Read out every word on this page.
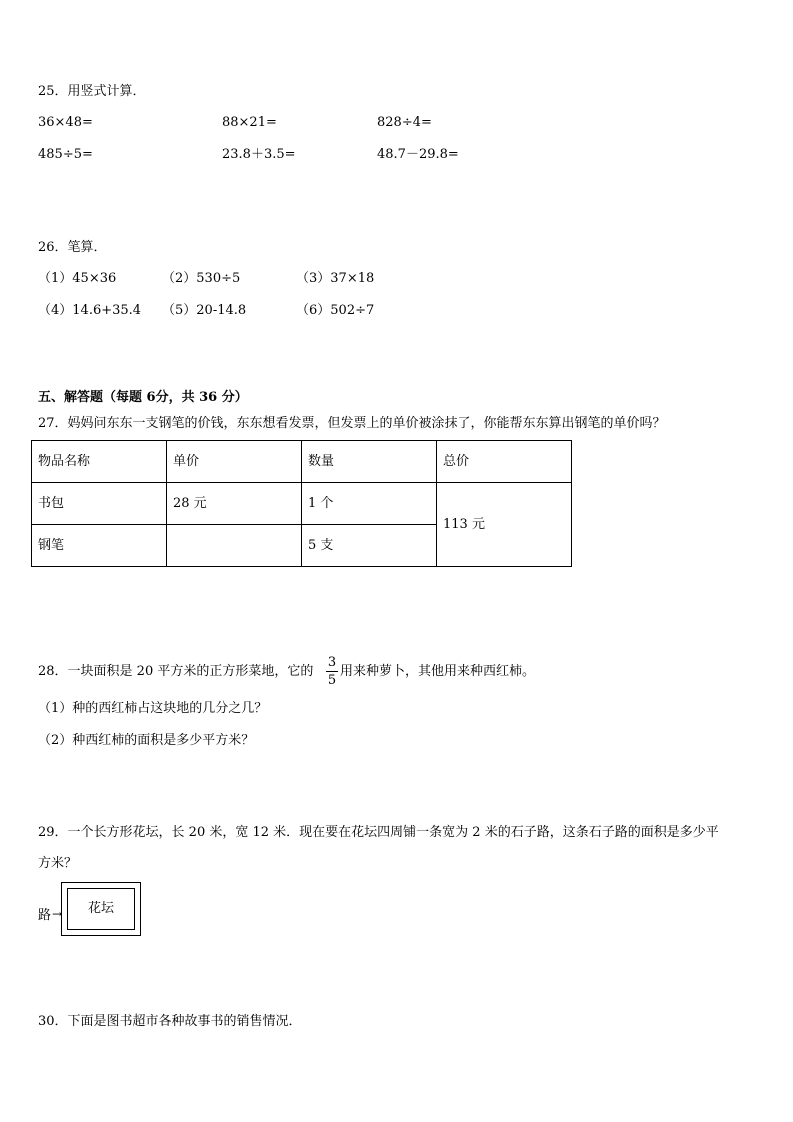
25．用竖式计算．
36×48=	88×21=	828÷4=
485÷5=	23.8＋3.5=	48.7－29.8=
26．笔算．
（1）45×36	（2）530÷5	（3）37×18
（4）14.6+35.4 （5）20-14.8	（6）502÷7
五、解答题（每题 6分，共 36 分）
27．妈妈问东东一支钢笔的价钱，东东想看发票，但发票上的单价被涂抹了，你能帮东东算出钢笔的单价吗？
物品名称	单价	数量	总价
书包	28 元	1 个	113 元
钢笔		5 支	
28．一块面积是 20 平方米的正方形菜地，它的
3
5
用来种萝卜，其他用来种西红柿。
（1）种的西红柿占这块地的几分之几？
（2）种西红柿的面积是多少平方米？
29．一个长方形花坛，长 20 米，宽 12 米．现在要在花坛四周铺一条宽为 2 米的石子路，这条石子路的面积是多少平
方米？
花坛
路 →
30．下面是图书超市各种故事书的销售情况．
